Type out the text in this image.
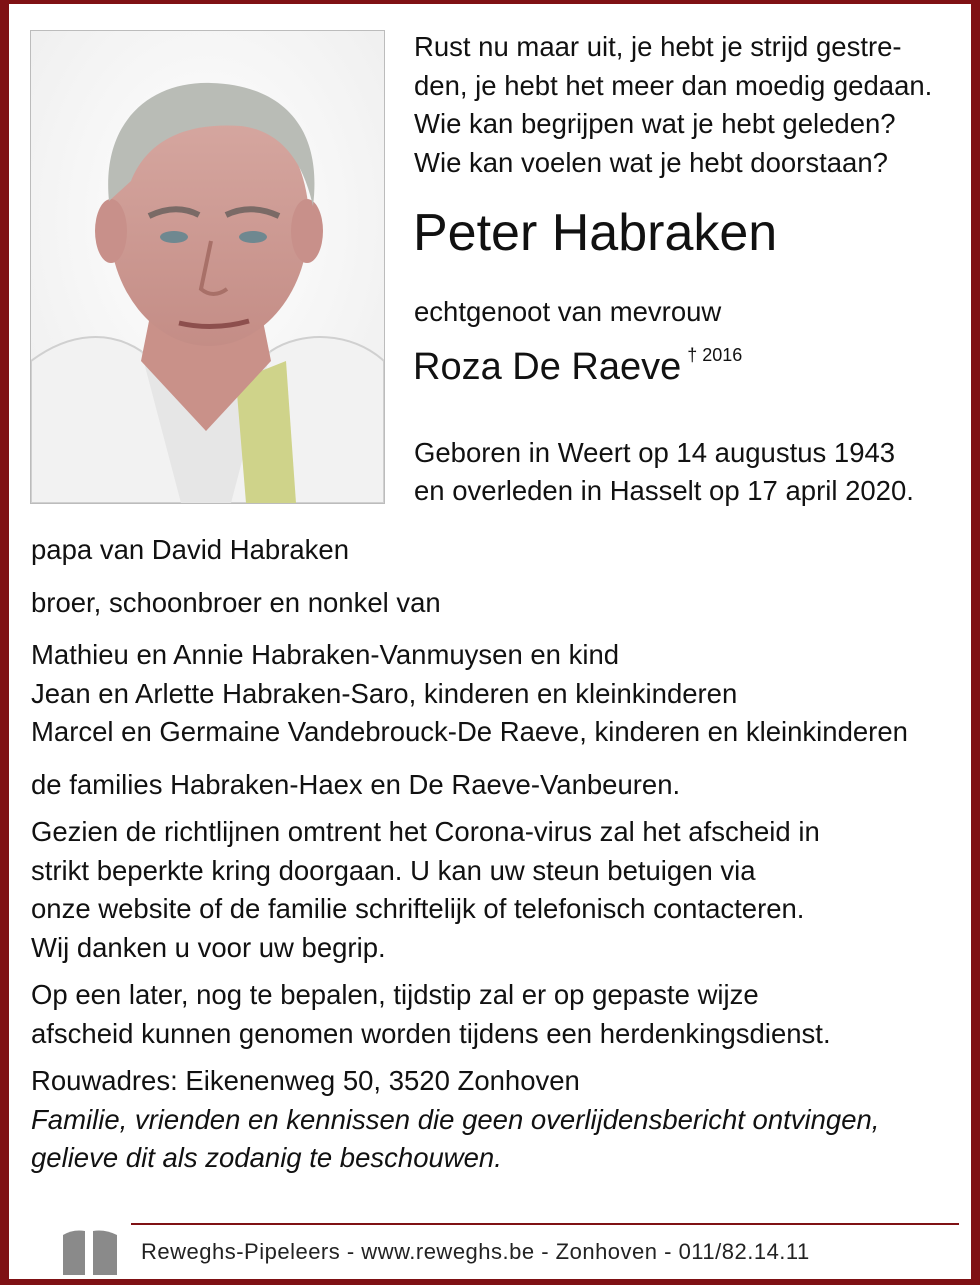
Rust nu maar uit, je hebt je strijd gestre-
den, je hebt het meer dan moedig gedaan.
Wie kan begrijpen wat je hebt geleden?
Wie kan voelen wat je hebt doorstaan?
Peter Habraken
echtgenoot van mevrouw
Roza De Raeve $^{\dagger 2016}$
Geboren in Weert op 14 augustus 1943
en overleden in Hasselt op 17 april 2020.
papa van David Habraken
broer, schoonbroer en nonkel van
Mathieu en Annie Habraken-Vanmuysen en kind
Jean en Arlette Habraken-Saro, kinderen en kleinkinderen
Marcel en Germaine Vandebrouck-De Raeve, kinderen en kleinkinderen
de families Habraken-Haex en De Raeve-Vanbeuren.
Gezien de richtlijnen omtrent het Corona-virus zal het afscheid in
strikt beperkte kring doorgaan. U kan uw steun betuigen via
onze website of de familie schriftelijk of telefonisch contacteren.
Wij danken u voor uw begrip.
Op een later, nog te bepalen, tijdstip zal er op gepaste wijze
afscheid kunnen genomen worden tijdens een herdenkingsdienst.
Rouwadres: Eikenenweg 50, 3520 Zonhoven
Familie, vrienden en kennissen die geen overlijdensbericht ontvingen,
gelieve dit als zodanig te beschouwen.
Reweghs-Pipeleers - www.reweghs.be - Zonhoven - 011/82.14.11
